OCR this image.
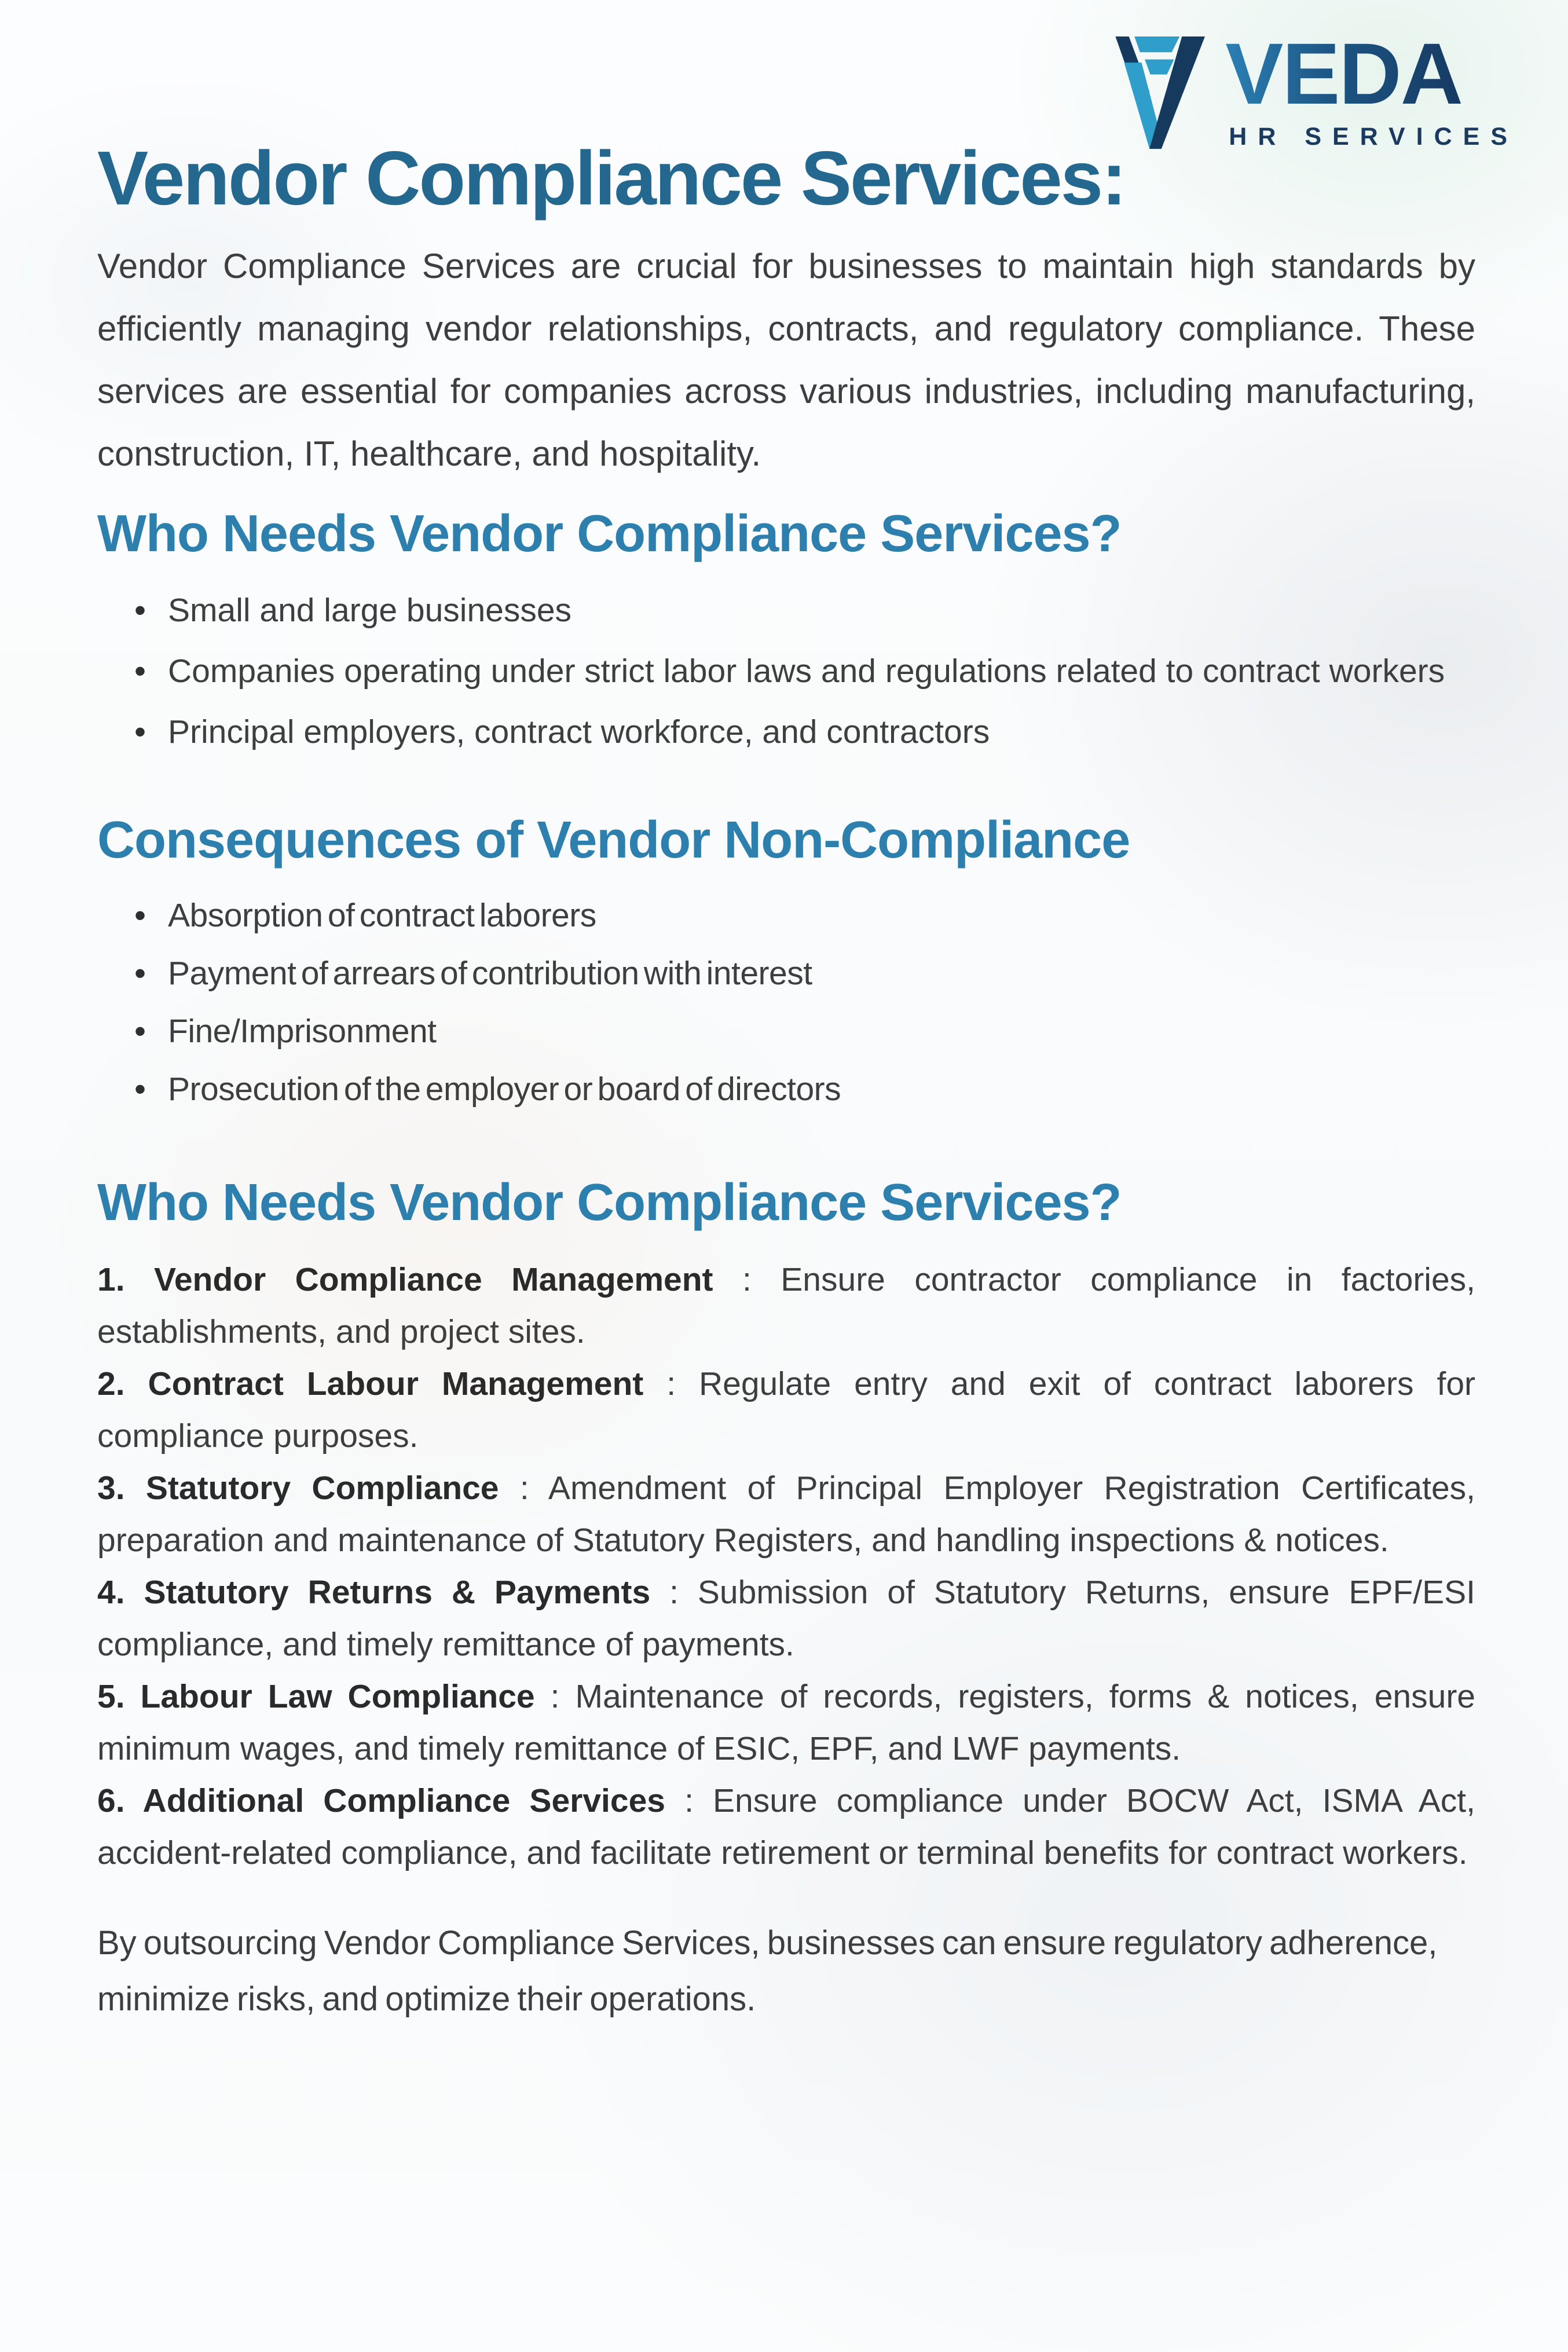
VEDA
HR SERVICES
Vendor Compliance Services:

Vendor Compliance Services are crucial for businesses to maintain high standards by efficiently managing vendor relationships, contracts, and regulatory compliance. These services are essential for companies across various industries, including manufacturing, construction, IT, healthcare, and hospitality.

Who Needs Vendor Compliance Services?
• Small and large businesses
• Companies operating under strict labor laws and regulations related to contract workers
• Principal employers, contract workforce, and contractors
Consequences of Vendor Non-Compliance
• Absorption of contract laborers
• Payment of arrears of contribution with interest
• Fine/Imprisonment
• Prosecution of the employer or board of directors
Who Needs Vendor Compliance Services?

1. Vendor Compliance Management : Ensure contractor compliance in factories, establishments, and project sites.

2. Contract Labour Management : Regulate entry and exit of contract laborers for compliance purposes.

3. Statutory Compliance : Amendment of Principal Employer Registration Certificates, preparation and maintenance of Statutory Registers, and handling inspections & notices.

4. Statutory Returns & Payments : Submission of Statutory Returns, ensure EPF/ESI compliance, and timely remittance of payments.

5. Labour Law Compliance : Maintenance of records, registers, forms & notices, ensure minimum wages, and timely remittance of ESIC, EPF, and LWF payments.

6. Additional Compliance Services : Ensure compliance under BOCW Act, ISMA Act, accident-related compliance, and facilitate retirement or terminal benefits for contract workers.

By outsourcing Vendor Compliance Services, businesses can ensure regulatory adherence, minimize risks, and optimize their operations.
